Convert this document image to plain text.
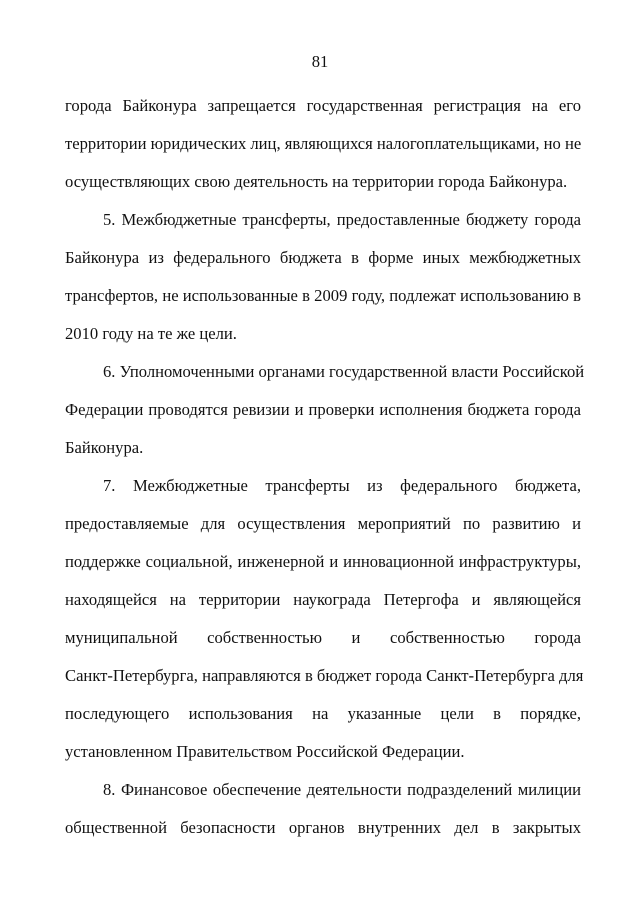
81
города Байконура запрещается государственная регистрация на его
территории юридических лиц, являющихся налогоплательщиками, но не
осуществляющих свою деятельность на территории города Байконура.
5. Межбюджетные трансферты, предоставленные бюджету города
Байконура из федерального бюджета в форме иных межбюджетных
трансфертов, не использованные в 2009 году, подлежат использованию в
2010 году на те же цели.
6. Уполномоченными органами государственной власти Российской
Федерации проводятся ревизии и проверки исполнения бюджета города
Байконура.
7. Межбюджетные трансферты из федерального бюджета,
предоставляемые для осуществления мероприятий по развитию и
поддержке социальной, инженерной и инновационной инфраструктуры,
находящейся на территории наукограда Петергофа и являющейся
муниципальной собственностью и собственностью города
Санкт-Петербурга, направляются в бюджет города Санкт-Петербурга для
последующего использования на указанные цели в порядке,
установленном Правительством Российской Федерации.
8. Финансовое обеспечение деятельности подразделений милиции
общественной безопасности органов внутренних дел в закрытых
